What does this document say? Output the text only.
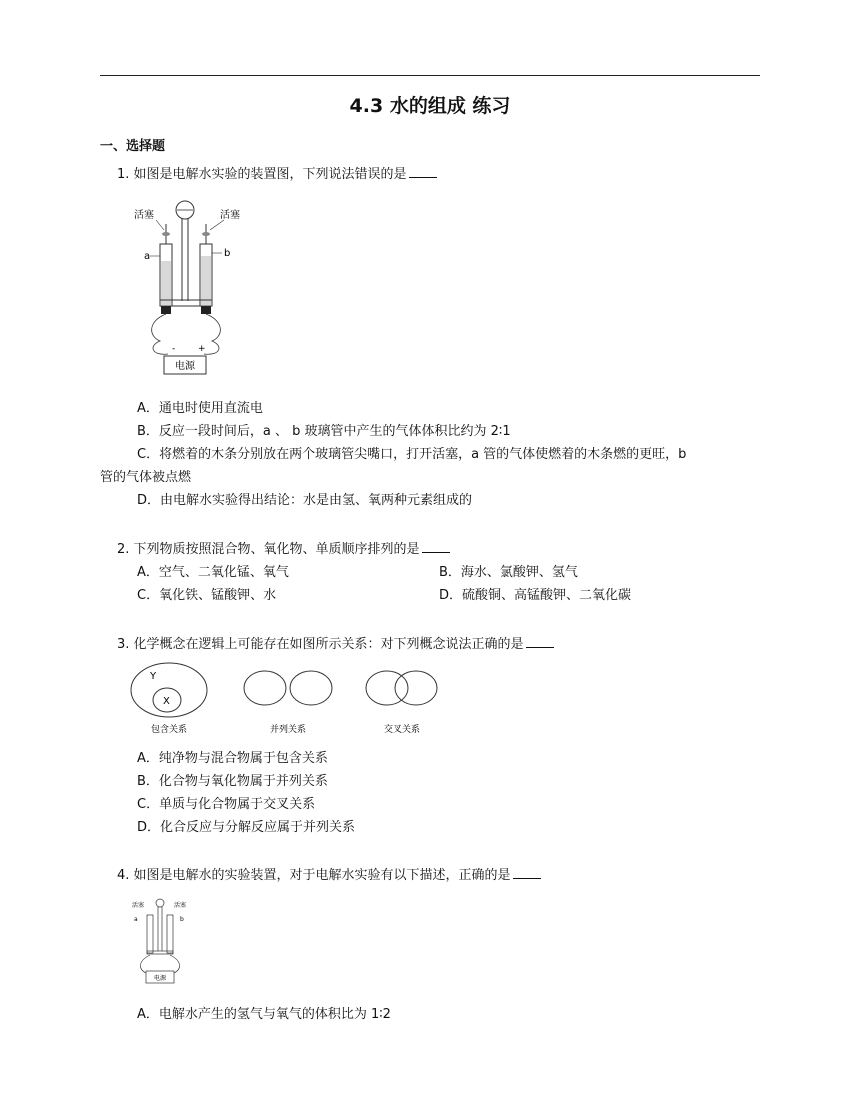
4.3 水的组成 练习
一、选择题
1. 如图是电解水实验的装置图，下列说法错误的是
电源
-	+
活塞	活塞
a	b
A．通电时使用直流电
B．反应一段时间后，a 、 b 玻璃管中产生的气体体积比约为 2∶1
C．将燃着的木条分别放在两个玻璃管尖嘴口，打开活塞，a 管的气体使燃着的木条燃的更旺，b
管的气体被点燃
D．由电解水实验得出结论：水是由氢、氧两种元素组成的
2. 下列物质按照混合物、氧化物、单质顺序排列的是
A．空气、二氧化锰、氧气	B．海水、氯酸钾、氢气
C．氧化铁、锰酸钾、水	D．硫酸铜、高锰酸钾、二氧化碳
3. 化学概念在逻辑上可能存在如图所示关系：对下列概念说法正确的是
Y
X
包含关系	并列关系	交叉关系
A．纯净物与混合物属于包含关系
B．化合物与氧化物属于并列关系
C．单质与化合物属于交叉关系
D．化合反应与分解反应属于并列关系
4. 如图是电解水的实验装置，对于电解水实验有以下描述，正确的是
活塞	活塞
a	b
电源
A．电解水产生的氢气与氧气的体积比为 1∶2
